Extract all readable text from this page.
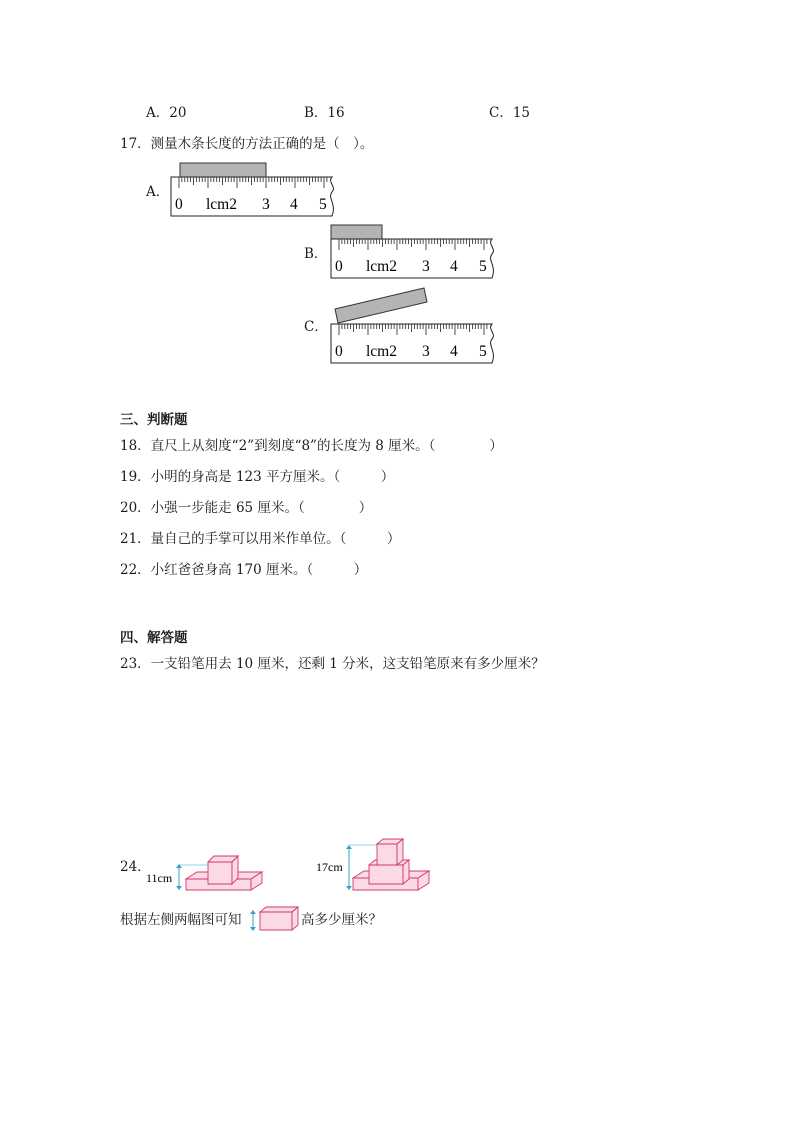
A．20	B．16	C．15
17．测量木条长度的方法正确的是（　）。
A．
B．
C．
0 lcm2 3 4 5
0 lcm2 3 4 5
0 lcm2 3 4 5
三、判断题
18．直尺上从刻度“2”到刻度“8”的长度为 8 厘米。（　　　　）
19．小明的身高是 123 平方厘米。（　　　）
20．小强一步能走 65 厘米。（　　　　）
21．量自己的手掌可以用米作单位。（　　　）
22．小红爸爸身高 170 厘米。（　　　）
四、解答题
23．一支铅笔用去 10 厘米，还剩 1 分米，这支铅笔原来有多少厘米？
24．
11cm
17cm
根据左侧两幅图可知	高多少厘米？
